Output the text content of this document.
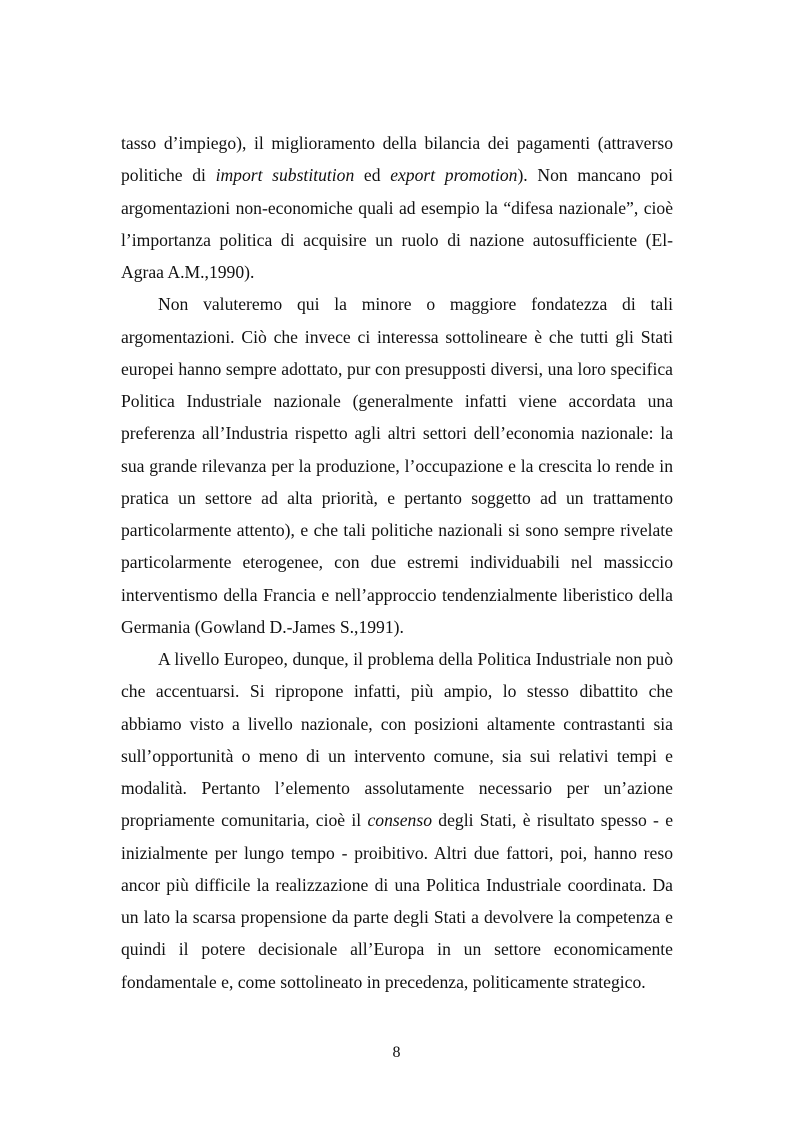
tasso d’impiego), il miglioramento della bilancia dei pagamenti (attraverso politiche di import substitution ed export promotion). Non mancano poi argomentazioni non-economiche quali ad esempio la “difesa nazionale”, cioè l’importanza politica di acquisire un ruolo di nazione autosufficiente (El-Agraa A.M.,1990).

Non valuteremo qui la minore o maggiore fondatezza di tali argomentazioni. Ciò che invece ci interessa sottolineare è che tutti gli Stati europei hanno sempre adottato, pur con presupposti diversi, una loro specifica Politica Industriale nazionale (generalmente infatti viene accordata una preferenza all’Industria rispetto agli altri settori dell’economia nazionale: la sua grande rilevanza per la produzione, l’occupazione e la crescita lo rende in pratica un settore ad alta priorità, e pertanto soggetto ad un trattamento particolarmente attento), e che tali politiche nazionali si sono sempre rivelate particolarmente eterogenee, con due estremi individuabili nel massiccio interventismo della Francia e nell’approccio tendenzialmente liberistico della Germania (Gowland D.-James S.,1991).

A livello Europeo, dunque, il problema della Politica Industriale non può che accentuarsi. Si ripropone infatti, più ampio, lo stesso dibattito che abbiamo visto a livello nazionale, con posizioni altamente contrastanti sia sull’opportunità o meno di un intervento comune, sia sui relativi tempi e modalità. Pertanto l’elemento assolutamente necessario per un’azione propriamente comunitaria, cioè il consenso degli Stati, è risultato spesso - e inizialmente per lungo tempo - proibitivo. Altri due fattori, poi, hanno reso ancor più difficile la realizzazione di una Politica Industriale coordinata. Da un lato la scarsa propensione da parte degli Stati a devolvere la competenza e quindi il potere decisionale all’Europa in un settore economicamente fondamentale e, come sottolineato in precedenza, politicamente strategico.

8
